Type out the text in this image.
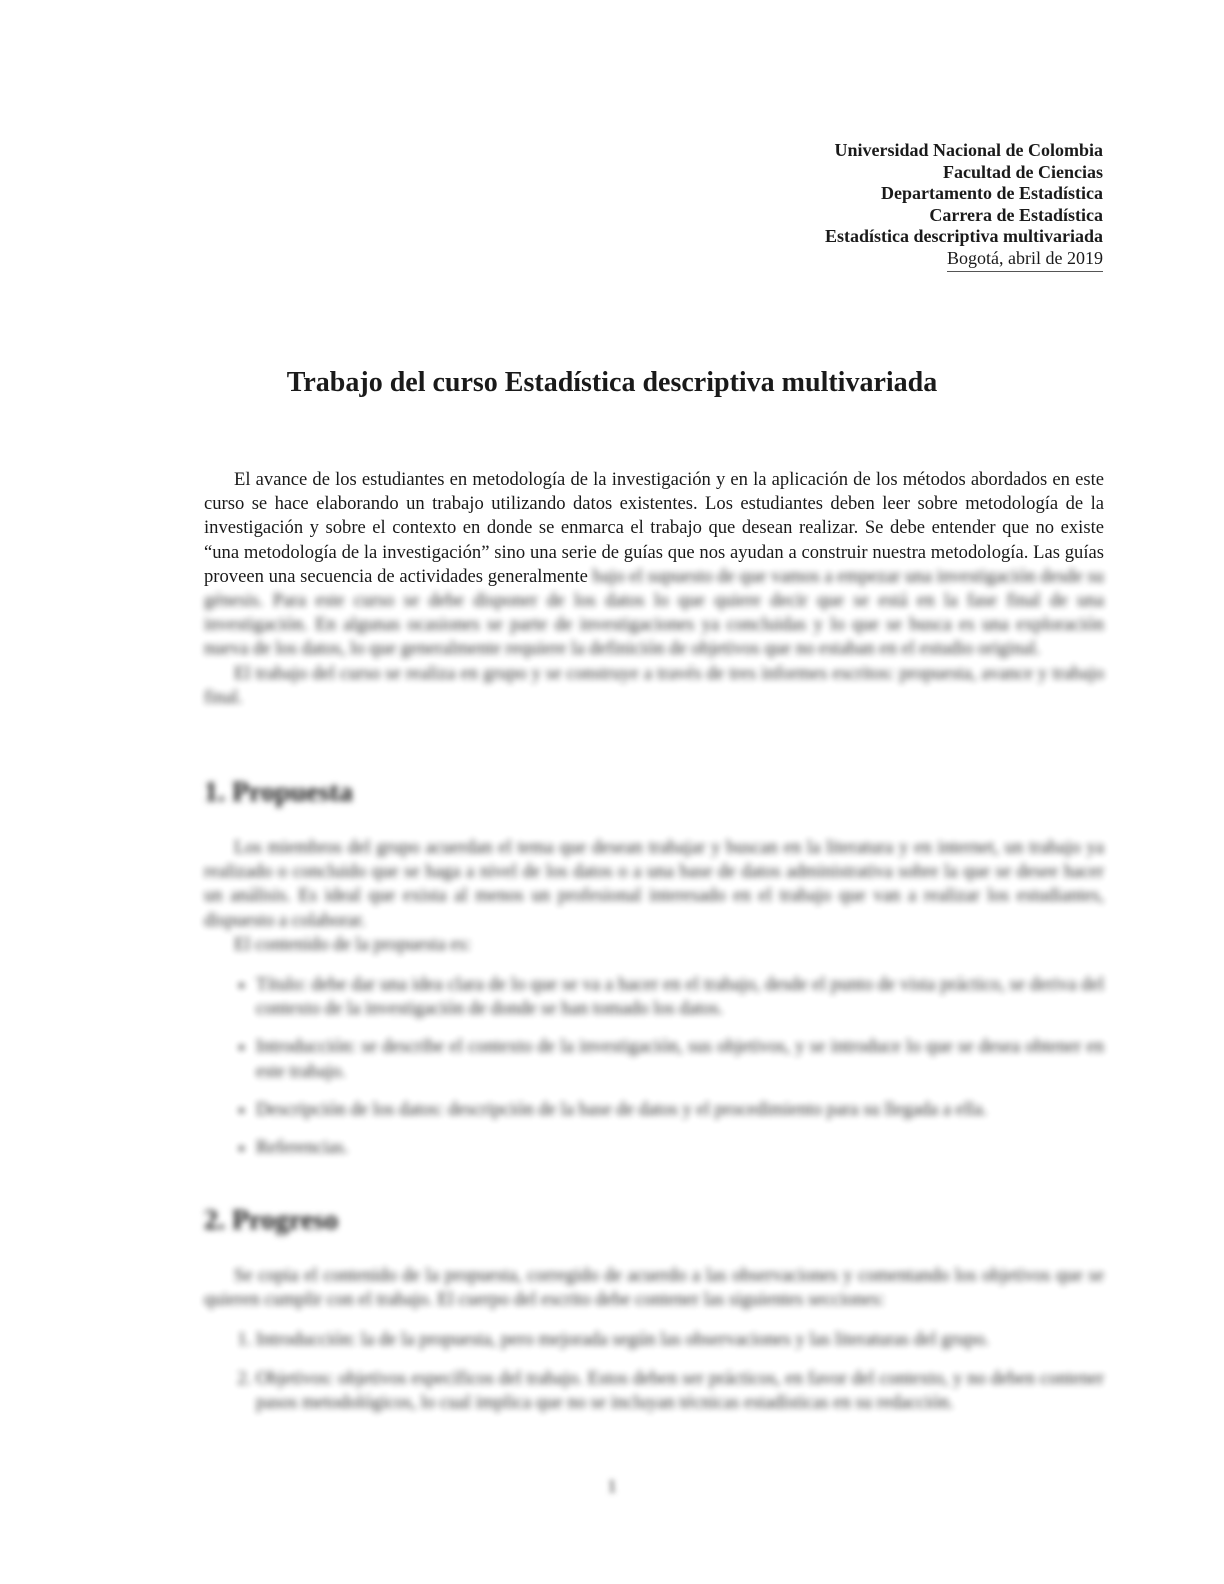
Universidad Nacional de Colombia
Facultad de Ciencias
Departamento de Estadística
Carrera de Estadística
Estadística descriptiva multivariada
Bogotá, abril de 2019
Trabajo del curso Estadística descriptiva multivariada
El avance de los estudiantes en metodología de la investigación y en la aplicación de los métodos abordados en este curso se hace elaborando un trabajo utilizando datos existentes. Los estudiantes deben leer sobre metodología de la investigación y sobre el contexto en donde se enmarca el trabajo que desean realizar. Se debe entender que no existe “una metodología de la investigación” sino una serie de guías que nos ayudan a construir nuestra metodología. Las guías proveen una secuencia de actividades generalmente bajo el supuesto de que vamos a empezar una investigación desde su génesis. Para este curso se debe disponer de los datos lo que quiere decir que se está en la fase final de una investigación. En algunas ocasiones se parte de investigaciones ya concluidas y lo que se busca es una exploración nueva de los datos, lo que generalmente requiere la definición de objetivos que no estaban en el estudio original.
El trabajo del curso se realiza en grupo y se construye a través de tres informes escritos: propuesta, avance y trabajo final.
1. Propuesta
Los miembros del grupo acuerdan el tema que desean trabajar y buscan en la literatura y en internet, un trabajo ya realizado o concluido que se haga a nivel de los datos o a una base de datos administrativa sobre la que se desee hacer un análisis. Es ideal que exista al menos un profesional interesado en el trabajo que van a realizar los estudiantes, dispuesto a colaborar.
El contenido de la propuesta es:
• Título: debe dar una idea clara de lo que se va a hacer en el trabajo, desde el punto de vista práctico, se deriva del contexto de la investigación de donde se han tomado los datos.
• Introducción: se describe el contexto de la investigación, sus objetivos, y se introduce lo que se desea obtener en este trabajo.
• Descripción de los datos: descripción de la base de datos y el procedimiento para su llegada a ella.
• Referencias.
2. Progreso
Se copia el contenido de la propuesta, corregido de acuerdo a las observaciones y comentando los objetivos que se quieren cumplir con el trabajo. El cuerpo del escrito debe contener las siguientes secciones:
1. Introducción: la de la propuesta, pero mejorada según las observaciones y las literaturas del grupo.
2. Objetivos: objetivos específicos del trabajo. Estos deben ser prácticos, en favor del contexto, y no deben contener pasos metodológicos, lo cual implica que no se incluyan técnicas estadísticas en su redacción.
1
